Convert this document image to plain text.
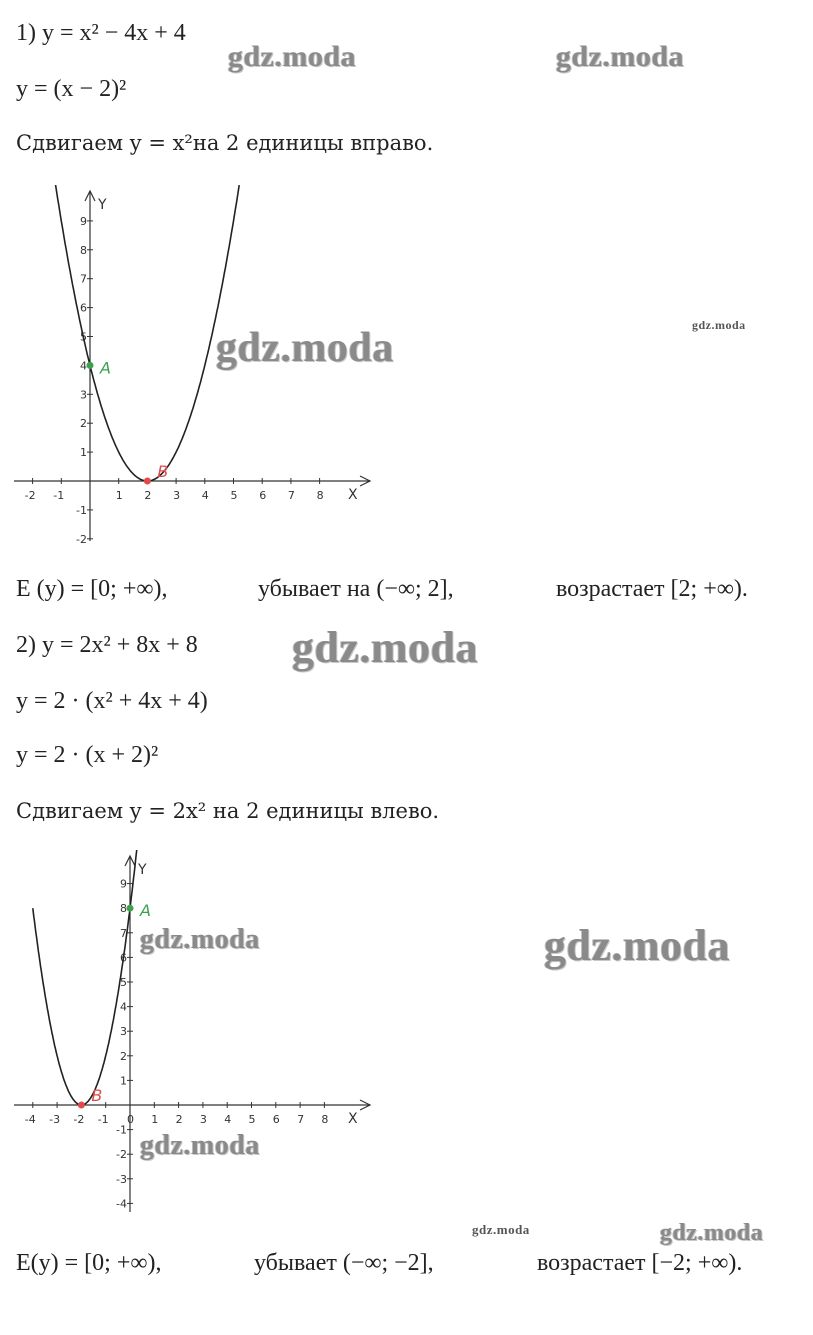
1) y = x² − 4x + 4
y = (x − 2)²
Сдвигаем y = x²на 2 единицы вправо.
X
Y
-2 -1	1 2 3 4 5 6 7 8
9
8
7
6
5
4
3
2
1
-1
-2
A
B
E (y) = [0; +∞),	убывает на (−∞; 2],	возрастает [2; +∞).
2) y = 2x² + 8x + 8
y = 2 · (x² + 4x + 4)
y = 2 · (x + 2)²
Сдвигаем y = 2x² на 2 единицы влево.
X
Y
-4 -3 -2 -1 0 1 2 3 4 5 6 7 8
9
8
7
6
5
4
3
2
1
-1
-2
-3
-4
A
B
E(y) = [0; +∞),	убывает (−∞; −2],	возрастает [−2; +∞).
gdz.moda	gdz.moda
gdz.moda	gdz.moda
gdz.moda
gdz.moda	gdz.moda
gdz.moda
gdz.moda	gdz.moda
